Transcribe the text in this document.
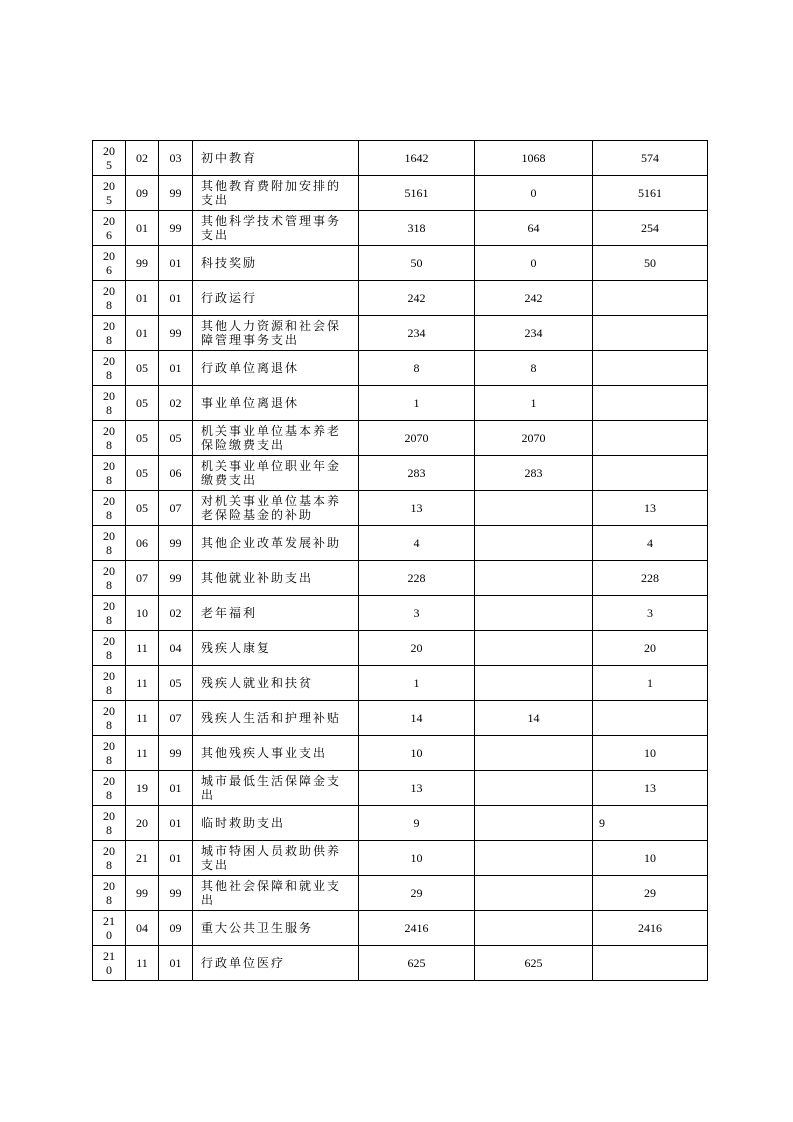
205	02	03	初中教育	1642	1068	574

205	09	99	其他教育费附加安排的支出	5161	0	5161

206	01	99	其他科学技术管理事务支出	318	64	254

206	99	01	科技奖励	50	0	50

208	01	01	行政运行	242	242	

208	01	99	其他人力资源和社会保障管理事务支出	234	234	

208	05	01	行政单位离退休	8	8	

208	05	02	事业单位离退休	1	1	

208	05	05	机关事业单位基本养老保险缴费支出	2070	2070	

208	05	06	机关事业单位职业年金缴费支出	283	283	

208	05	07	对机关事业单位基本养老保险基金的补助	13		13

208	06	99	其他企业改革发展补助	4		4

208	07	99	其他就业补助支出	228		228

208	10	02	老年福利	3		3

208	11	04	残疾人康复	20		20

208	11	05	残疾人就业和扶贫	1		1

208	11	07	残疾人生活和护理补贴	14	14	

208	11	99	其他残疾人事业支出	10		10

208	19	01	城市最低生活保障金支出	13		13

208	20	01	临时救助支出	9		9

208	21	01	城市特困人员救助供养支出	10		10

208	99	99	其他社会保障和就业支出	29		29

210	04	09	重大公共卫生服务	2416		2416

210	11	01	行政单位医疗	625	625	
